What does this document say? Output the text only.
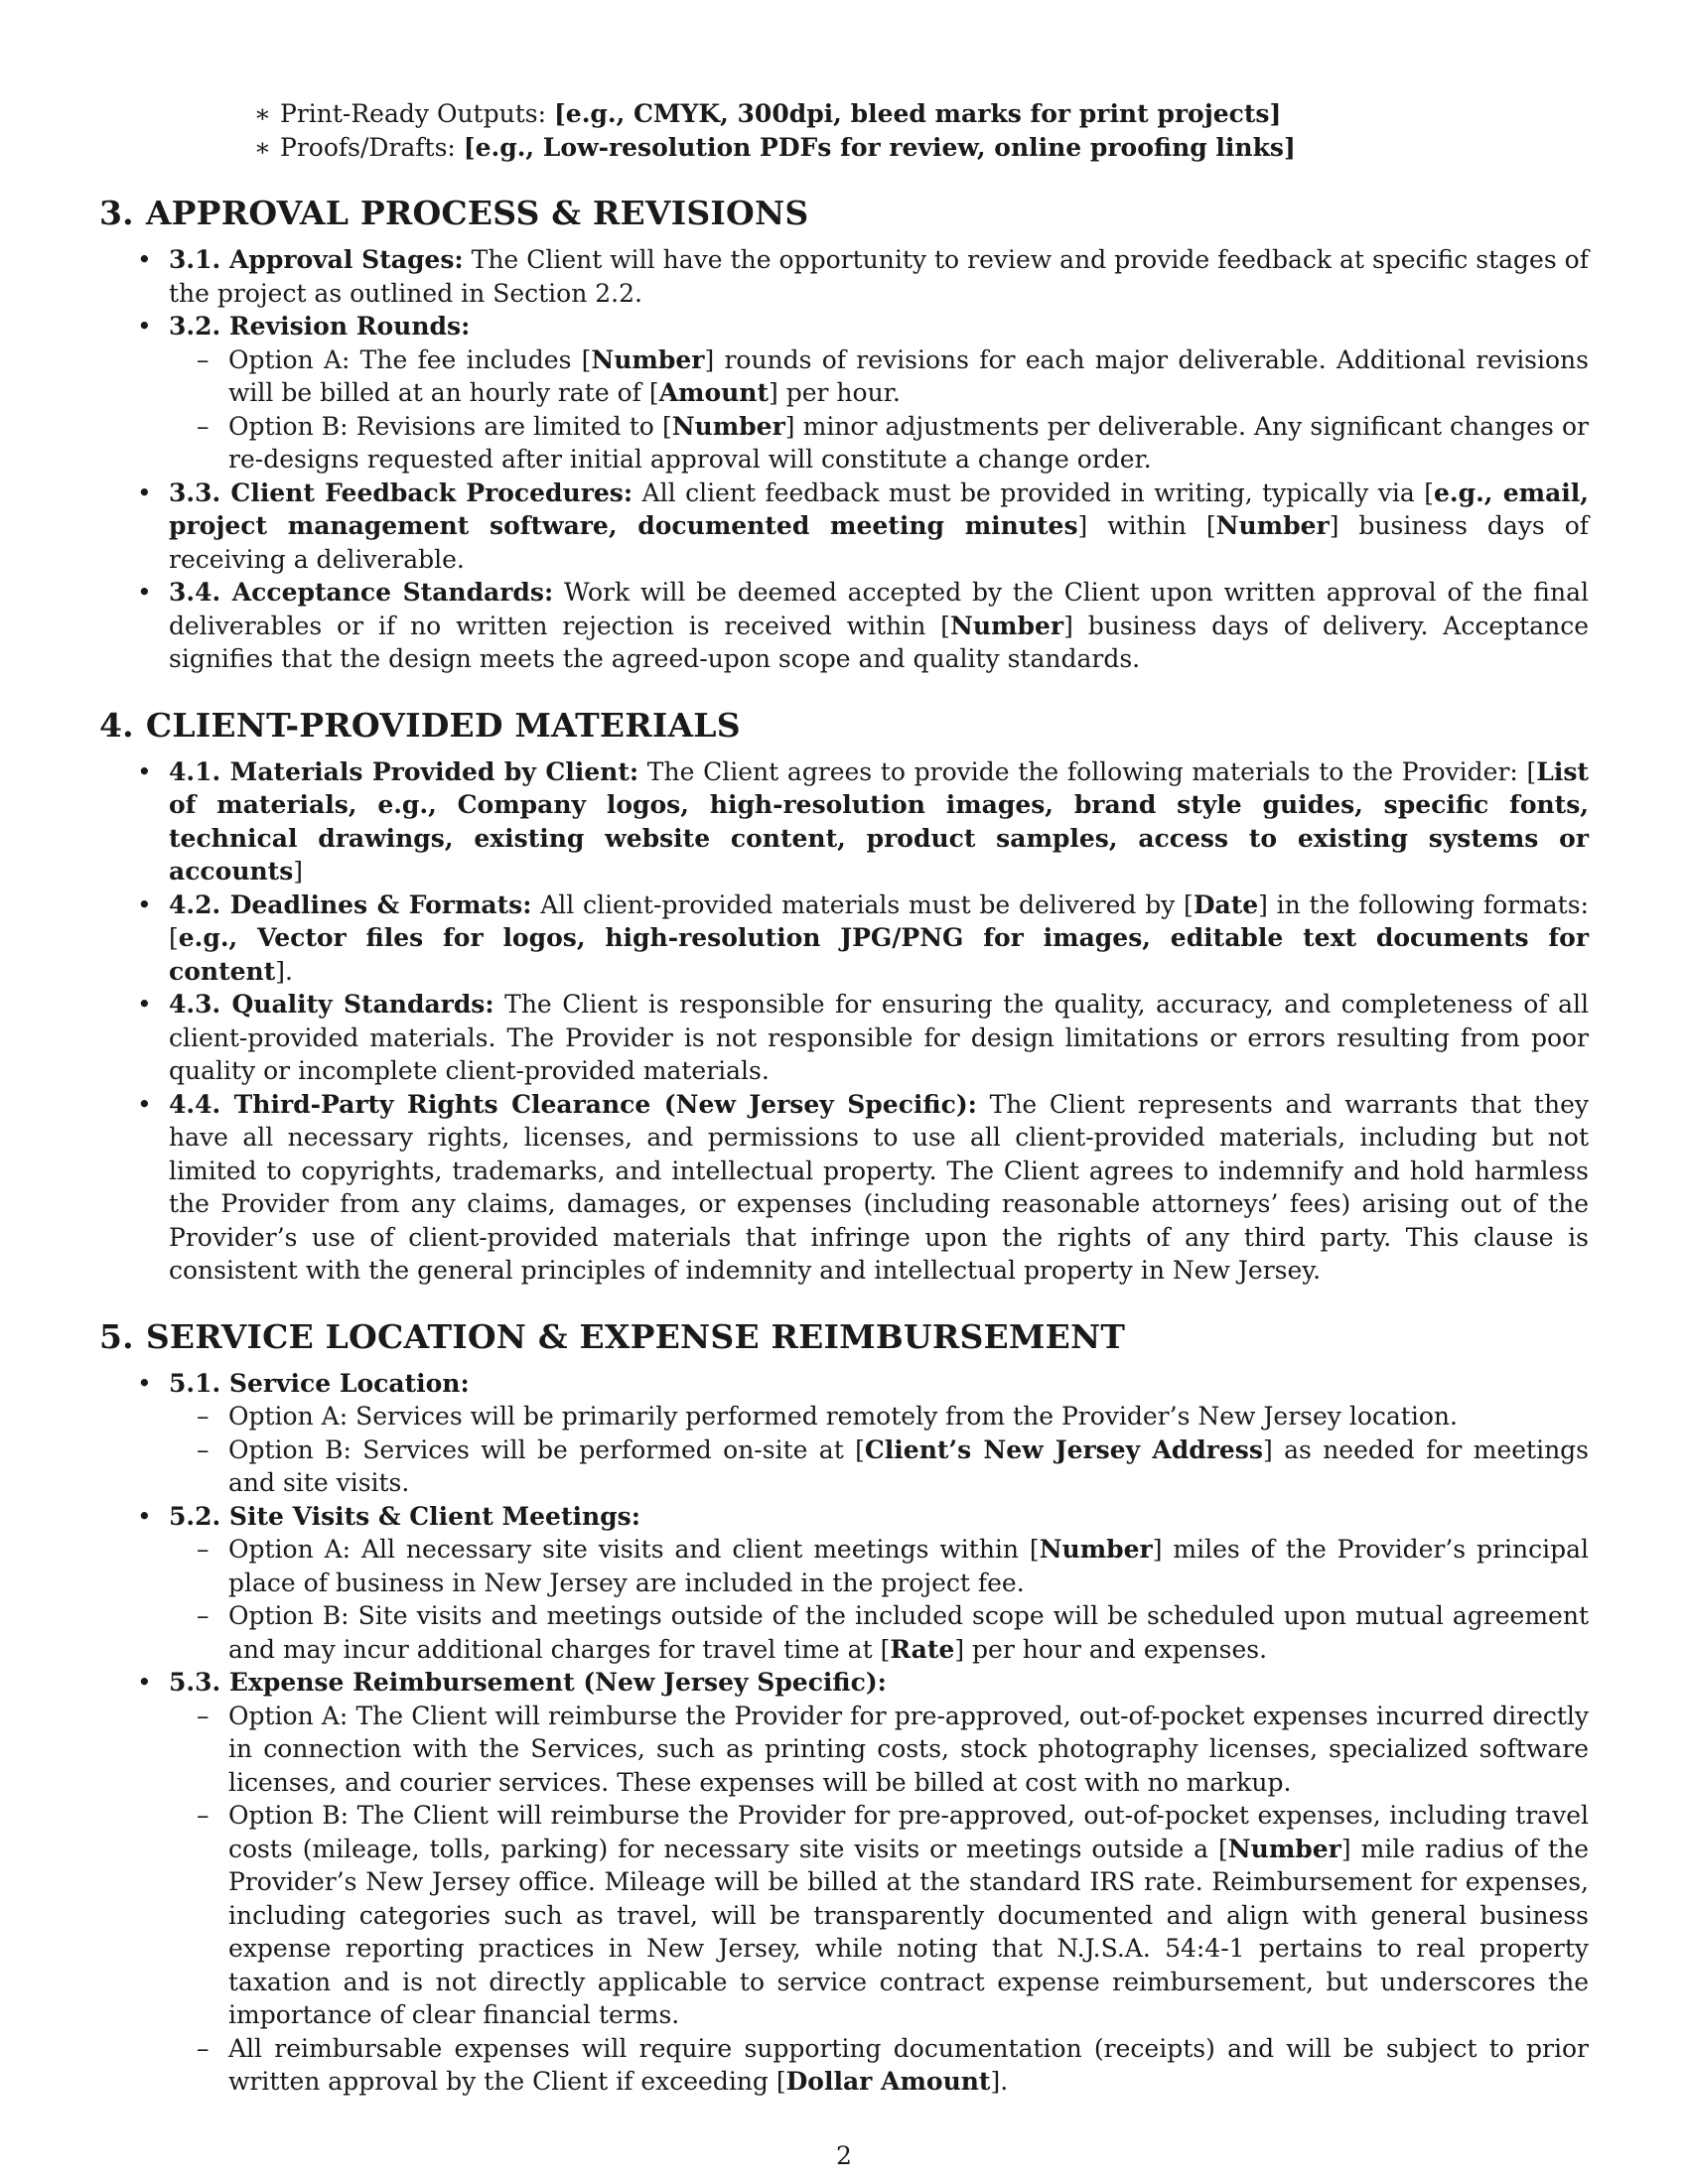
∗ Print-Ready Outputs: [e.g., CMYK, 300dpi, bleed marks for print projects]
∗ Proofs/Drafts: [e.g., Low-resolution PDFs for review, online proofing links]
3. APPROVAL PROCESS & REVISIONS
• 3.1. Approval Stages: The Client will have the opportunity to review and provide feedback at specific stages of the project as outlined in Section 2.2.
• 3.2. Revision Rounds:
– Option A: The fee includes [Number] rounds of revisions for each major deliverable. Additional revisions will be billed at an hourly rate of [Amount] per hour.
– Option B: Revisions are limited to [Number] minor adjustments per deliverable. Any significant changes or re-designs requested after initial approval will constitute a change order.
• 3.3. Client Feedback Procedures: All client feedback must be provided in writing, typically via [e.g., email, project management software, documented meeting minutes] within [Number] business days of receiving a deliverable.
• 3.4. Acceptance Standards: Work will be deemed accepted by the Client upon written approval of the final deliverables or if no written rejection is received within [Number] business days of delivery. Acceptance signifies that the design meets the agreed-upon scope and quality standards.
4. CLIENT-PROVIDED MATERIALS
• 4.1. Materials Provided by Client: The Client agrees to provide the following materials to the Provider: [List of materials, e.g., Company logos, high-resolution images, brand style guides, specific fonts, technical drawings, existing website content, product samples, access to existing systems or accounts]
• 4.2. Deadlines & Formats: All client-provided materials must be delivered by [Date] in the following formats: [e.g., Vector files for logos, high-resolution JPG/PNG for images, editable text documents for content].
• 4.3. Quality Standards: The Client is responsible for ensuring the quality, accuracy, and completeness of all client-provided materials. The Provider is not responsible for design limitations or errors resulting from poor quality or incomplete client-provided materials.
• 4.4. Third-Party Rights Clearance (New Jersey Specific): The Client represents and warrants that they have all necessary rights, licenses, and permissions to use all client-provided materials, including but not limited to copyrights, trademarks, and intellectual property. The Client agrees to indemnify and hold harmless the Provider from any claims, damages, or expenses (including reasonable attorneys’ fees) arising out of the Provider’s use of client-provided materials that infringe upon the rights of any third party. This clause is consistent with the general principles of indemnity and intellectual property in New Jersey.
5. SERVICE LOCATION & EXPENSE REIMBURSEMENT
• 5.1. Service Location:
– Option A: Services will be primarily performed remotely from the Provider’s New Jersey location.
– Option B: Services will be performed on-site at [Client’s New Jersey Address] as needed for meetings and site visits.
• 5.2. Site Visits & Client Meetings:
– Option A: All necessary site visits and client meetings within [Number] miles of the Provider’s principal place of business in New Jersey are included in the project fee.
– Option B: Site visits and meetings outside of the included scope will be scheduled upon mutual agreement and may incur additional charges for travel time at [Rate] per hour and expenses.
• 5.3. Expense Reimbursement (New Jersey Specific):
– Option A: The Client will reimburse the Provider for pre-approved, out-of-pocket expenses incurred directly in connection with the Services, such as printing costs, stock photography licenses, specialized software licenses, and courier services. These expenses will be billed at cost with no markup.
– Option B: The Client will reimburse the Provider for pre-approved, out-of-pocket expenses, including travel costs (mileage, tolls, parking) for necessary site visits or meetings outside a [Number] mile radius of the Provider’s New Jersey office. Mileage will be billed at the standard IRS rate. Reimbursement for expenses, including categories such as travel, will be transparently documented and align with general business expense reporting practices in New Jersey, while noting that N.J.S.A. 54:4-1 pertains to real property taxation and is not directly applicable to service contract expense reimbursement, but underscores the importance of clear financial terms.
– All reimbursable expenses will require supporting documentation (receipts) and will be subject to prior written approval by the Client if exceeding [Dollar Amount].
2
